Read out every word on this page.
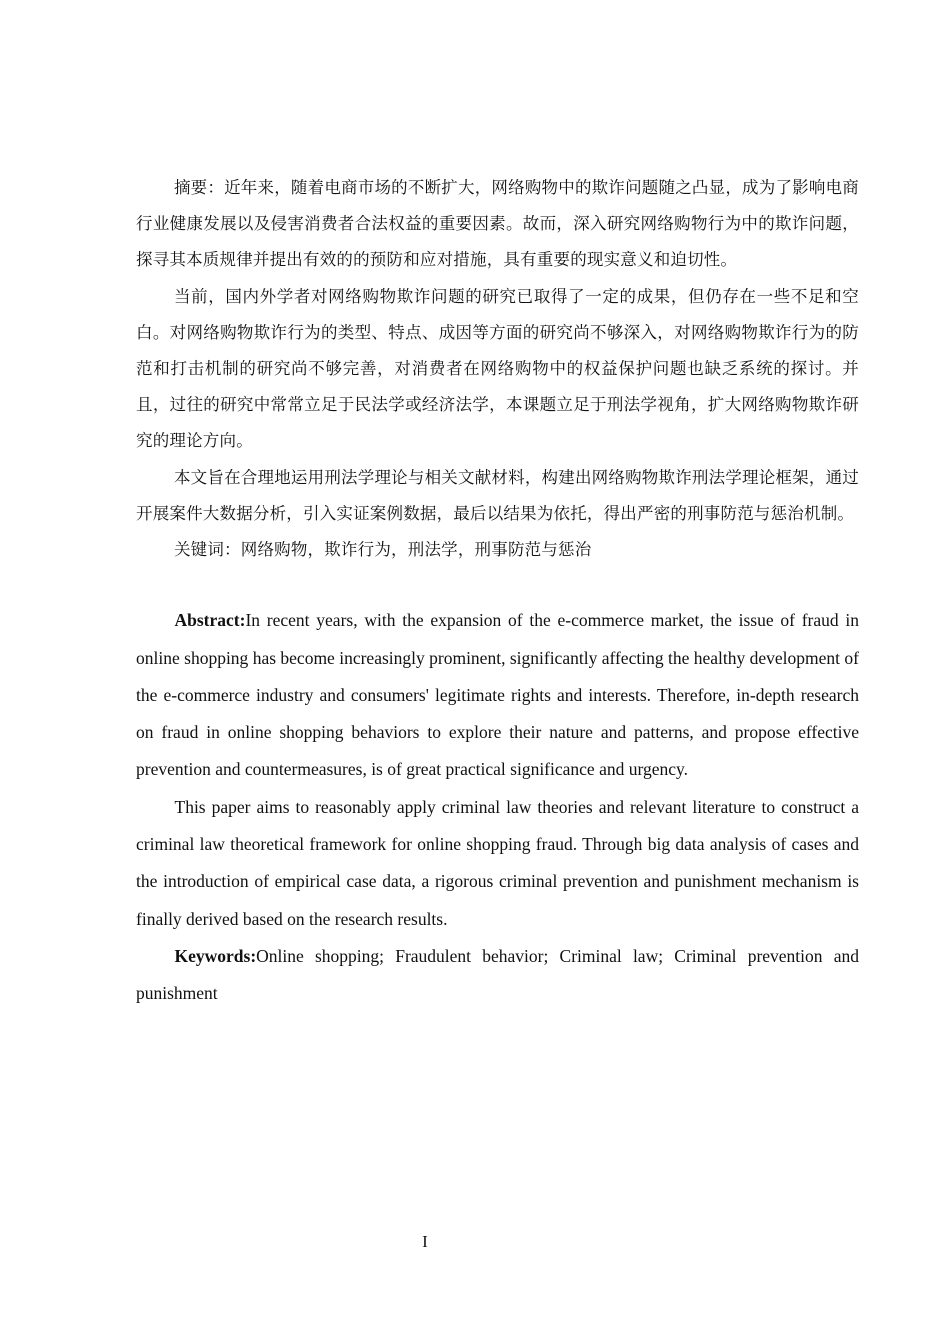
摘要：近年来，随着电商市场的不断扩大，网络购物中的欺诈问题随之凸显，成为了影响电商行业健康发展以及侵害消费者合法权益的重要因素。故而，深入研究网络购物行为中的欺诈问题，探寻其本质规律并提出有效的的预防和应对措施，具有重要的现实意义和迫切性。

当前，国内外学者对网络购物欺诈问题的研究已取得了一定的成果，但仍存在一些不足和空白。对网络购物欺诈行为的类型、特点、成因等方面的研究尚不够深入，对网络购物欺诈行为的防范和打击机制的研究尚不够完善，对消费者在网络购物中的权益保护问题也缺乏系统的探讨。并且，过往的研究中常常立足于民法学或经济法学，本课题立足于刑法学视角，扩大网络购物欺诈研究的理论方向。

本文旨在合理地运用刑法学理论与相关文献材料，构建出网络购物欺诈刑法学理论框架，通过开展案件大数据分析，引入实证案例数据，最后以结果为依托，得出严密的刑事防范与惩治机制。

关键词：网络购物，欺诈行为，刑法学，刑事防范与惩治

Abstract:In recent years, with the expansion of the e-commerce market, the issue of fraud in online shopping has become increasingly prominent, significantly affecting the healthy development of the e-commerce industry and consumers' legitimate rights and interests. Therefore, in-depth research on fraud in online shopping behaviors to explore their nature and patterns, and propose effective prevention and countermeasures, is of great practical significance and urgency.

This paper aims to reasonably apply criminal law theories and relevant literature to construct a criminal law theoretical framework for online shopping fraud. Through big data analysis of cases and the introduction of empirical case data, a rigorous criminal prevention and punishment mechanism is finally derived based on the research results.

Keywords:Online shopping; Fraudulent behavior; Criminal law; Criminal prevention and punishment

I
